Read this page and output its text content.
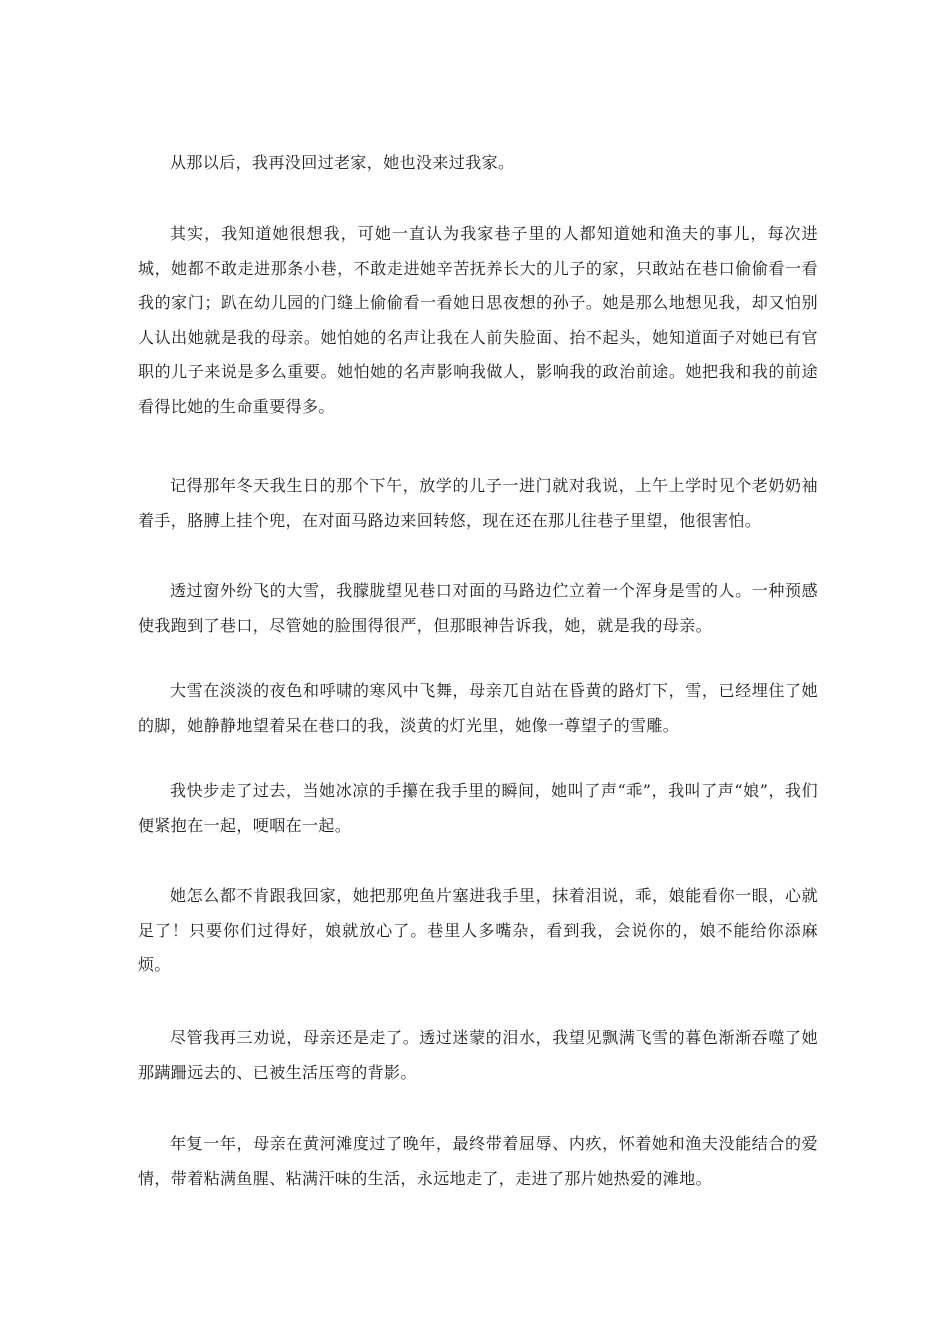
从那以后，我再没回过老家，她也没来过我家。

其实，我知道她很想我，可她一直认为我家巷子里的人都知道她和渔夫的事儿，每次进城，她都不敢走进那条小巷，不敢走进她辛苦抚养长大的儿子的家，只敢站在巷口偷偷看一看我的家门；趴在幼儿园的门缝上偷偷看一看她日思夜想的孙子。她是那么地想见我，却又怕别人认出她就是我的母亲。她怕她的名声让我在人前失脸面、抬不起头，她知道面子对她已有官职的儿子来说是多么重要。她怕她的名声影响我做人，影响我的政治前途。她把我和我的前途看得比她的生命重要得多。

记得那年冬天我生日的那个下午，放学的儿子一进门就对我说，上午上学时见个老奶奶袖着手，胳膊上挂个兜，在对面马路边来回转悠，现在还在那儿往巷子里望，他很害怕。

透过窗外纷飞的大雪，我朦胧望见巷口对面的马路边伫立着一个浑身是雪的人。一种预感使我跑到了巷口，尽管她的脸围得很严，但那眼神告诉我，她，就是我的母亲。

大雪在淡淡的夜色和呼啸的寒风中飞舞，母亲兀自站在昏黄的路灯下，雪，已经埋住了她的脚，她静静地望着呆在巷口的我，淡黄的灯光里，她像一尊望子的雪雕。

我快步走了过去，当她冰凉的手攥在我手里的瞬间，她叫了声“乖”，我叫了声“娘”，我们便紧抱在一起，哽咽在一起。

她怎么都不肯跟我回家，她把那兜鱼片塞进我手里，抹着泪说，乖，娘能看你一眼，心就足了！只要你们过得好，娘就放心了。巷里人多嘴杂，看到我，会说你的，娘不能给你添麻烦。

尽管我再三劝说，母亲还是走了。透过迷蒙的泪水，我望见飘满飞雪的暮色渐渐吞噬了她那蹒跚远去的、已被生活压弯的背影。

年复一年，母亲在黄河滩度过了晚年，最终带着屈辱、内疚，怀着她和渔夫没能结合的爱情，带着粘满鱼腥、粘满汗味的生活，永远地走了，走进了那片她热爱的滩地。
